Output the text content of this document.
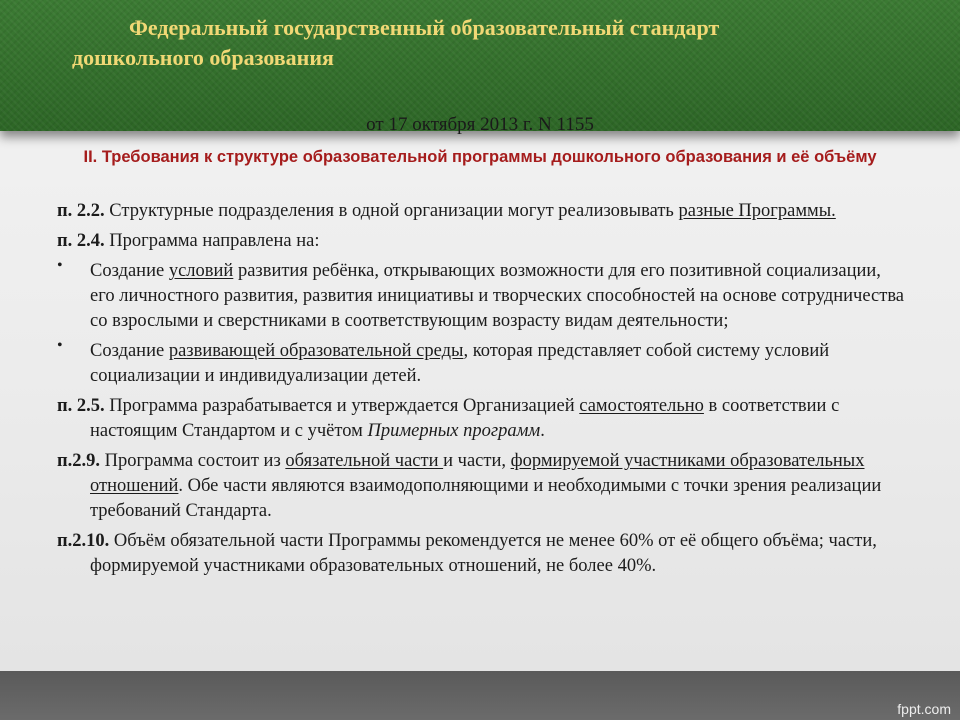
Федеральный государственный образовательный стандарт
дошкольного образования
от 17 октября 2013 г. N 1155
II. Требования к структуре образовательной программы дошкольного образования и её объёму

п. 2.2. Структурные подразделения в одной организации могут реализовывать разные Программы.

п. 2.4. Программа направлена на:

• Создание условий развития ребёнка, открывающих возможности для его позитивной социализации, его личностного развития, развития инициативы и творческих способностей на основе сотрудничества со взрослыми и сверстниками в соответствующим возрасту видам деятельности;
• Создание развивающей образовательной среды, которая представляет собой систему условий социализации и индивидуализации детей.

п. 2.5. Программа разрабатывается и утверждается Организацией самостоятельно в соответствии с настоящим Стандартом и с учётом Примерных программ.

п.2.9. Программа состоит из обязательной части и части, формируемой участниками образовательных отношений. Обе части являются взаимодополняющими и необходимыми с точки зрения реализации требований Стандарта.

п.2.10. Объём обязательной части Программы рекомендуется не менее 60% от её общего объёма; части, формируемой участниками образовательных отношений, не более 40%.

fppt.com
